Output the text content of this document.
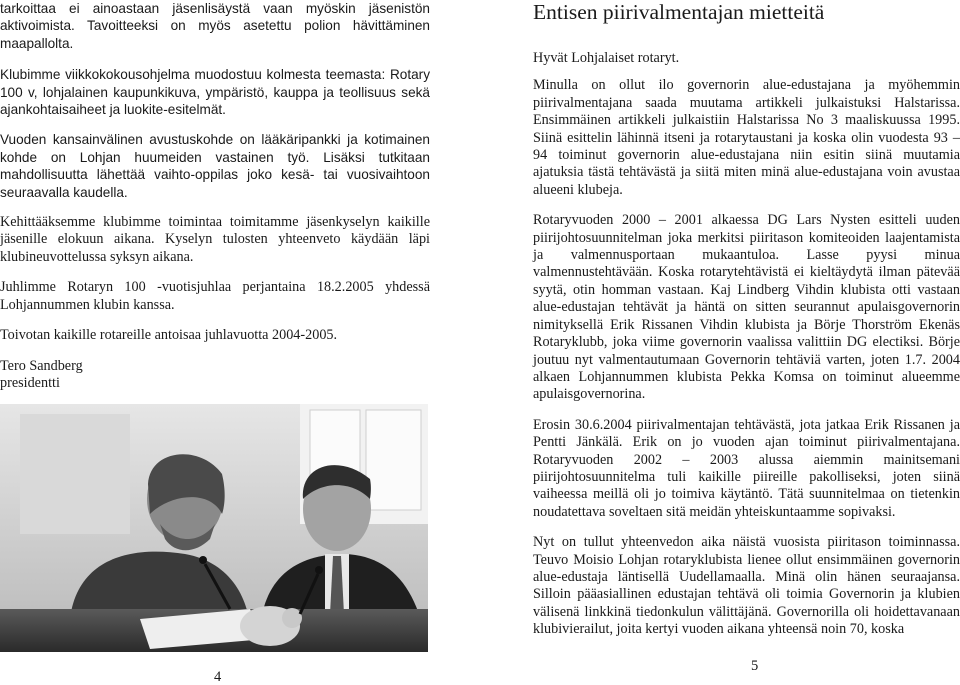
tarkoittaa ei ainoastaan jäsenlisäystä vaan myöskin jäsenistön aktivoimista. Tavoitteeksi on myös asetettu polion hävittäminen maapallolta.

Klubimme viikkokokousohjelma muodostuu kolmesta teemasta: Rotary 100 v, lohjalainen kaupunkikuva, ympäristö, kauppa ja teollisuus sekä ajankohtaisaiheet ja luokite-esitelmät.

Vuoden kansainvälinen avustuskohde on lääkäripankki ja kotimainen kohde on Lohjan huumeiden vastainen työ. Lisäksi tutkitaan mahdollisuutta lähettää vaihto-oppilas joko kesä- tai vuosivaihtoon seuraavalla kaudella.

Kehittääksemme klubimme toimintaa toimitamme jäsenkyselyn kaikille jäsenille elokuun aikana. Kyselyn tulosten yhteenveto käydään läpi klubineuvottelussa syksyn aikana.

Juhlimme Rotaryn 100 -vuotisjuhlaa perjantaina 18.2.2005 yhdessä Lohjannummen klubin kanssa.

Toivotan kaikille rotareille antoisaa juhlavuotta 2004-2005.

Tero Sandberg
presidentti
Entisen piirivalmentajan mietteitä

Hyvät Lohjalaiset rotaryt.

Minulla on ollut ilo governorin alue-edustajana ja myöhemmin piirivalmentajana saada muutama artikkeli julkaistuksi Halstarissa. Ensimmäinen artikkeli julkaistiin Halstarissa No 3 maaliskuussa 1995. Siinä esittelin lähinnä itseni ja rotarytaustani ja koska olin vuodesta 93 – 94 toiminut governorin alue-edustajana niin esitin siinä muutamia ajatuksia tästä tehtävästä ja siitä miten minä alue-edustajana voin avustaa alueeni klubeja.

Rotaryvuoden 2000 – 2001 alkaessa DG Lars Nysten esitteli uuden piirijohtosuunnitelman joka merkitsi piiritason komiteoiden laajentamista ja valmennusportaan mukaantuloa. Lasse pyysi minua valmennustehtävään. Koska rotarytehtävistä ei kieltäydytä ilman pätevää syytä, otin homman vastaan. Kaj Lindberg Vihdin klubista otti vastaan alue-edustajan tehtävät ja häntä on sitten seurannut apulaisgovernorin nimityksellä Erik Rissanen Vihdin klubista ja Börje Thorström Ekenäs Rotaryklubb, joka viime governorin vaalissa valittiin DG electiksi. Börje joutuu nyt valmentautumaan Governorin tehtäviä varten, joten 1.7. 2004 alkaen Lohjannummen klubista Pekka Komsa on toiminut alueemme apulaisgovernorina.

Erosin 30.6.2004 piirivalmentajan tehtävästä, jota jatkaa Erik Rissanen ja Pentti Jänkälä. Erik on jo vuoden ajan toiminut piirivalmentajana. Rotaryvuoden 2002 – 2003 alussa aiemmin mainitsemani piirijohtosuunnitelma tuli kaikille piireille pakolliseksi, joten siinä vaiheessa meillä oli jo toimiva käytäntö. Tätä suunnitelmaa on tietenkin noudatettava soveltaen sitä meidän yhteiskuntaamme sopivaksi.

Nyt on tullut yhteenvedon aika näistä vuosista piiritason toiminnassa. Teuvo Moisio Lohjan rotaryklubista lienee ollut ensimmäinen governorin alue-edustaja läntisellä Uudellamaalla. Minä olin hänen seuraajansa. Silloin pääasiallinen edustajan tehtävä oli toimia Governorin ja klubien välisenä linkkinä tiedonkulun välittäjänä. Governorilla oli hoidettavanaan klubivierailut, joita kertyi vuoden aikana yhteensä noin 70, koska

4
5
